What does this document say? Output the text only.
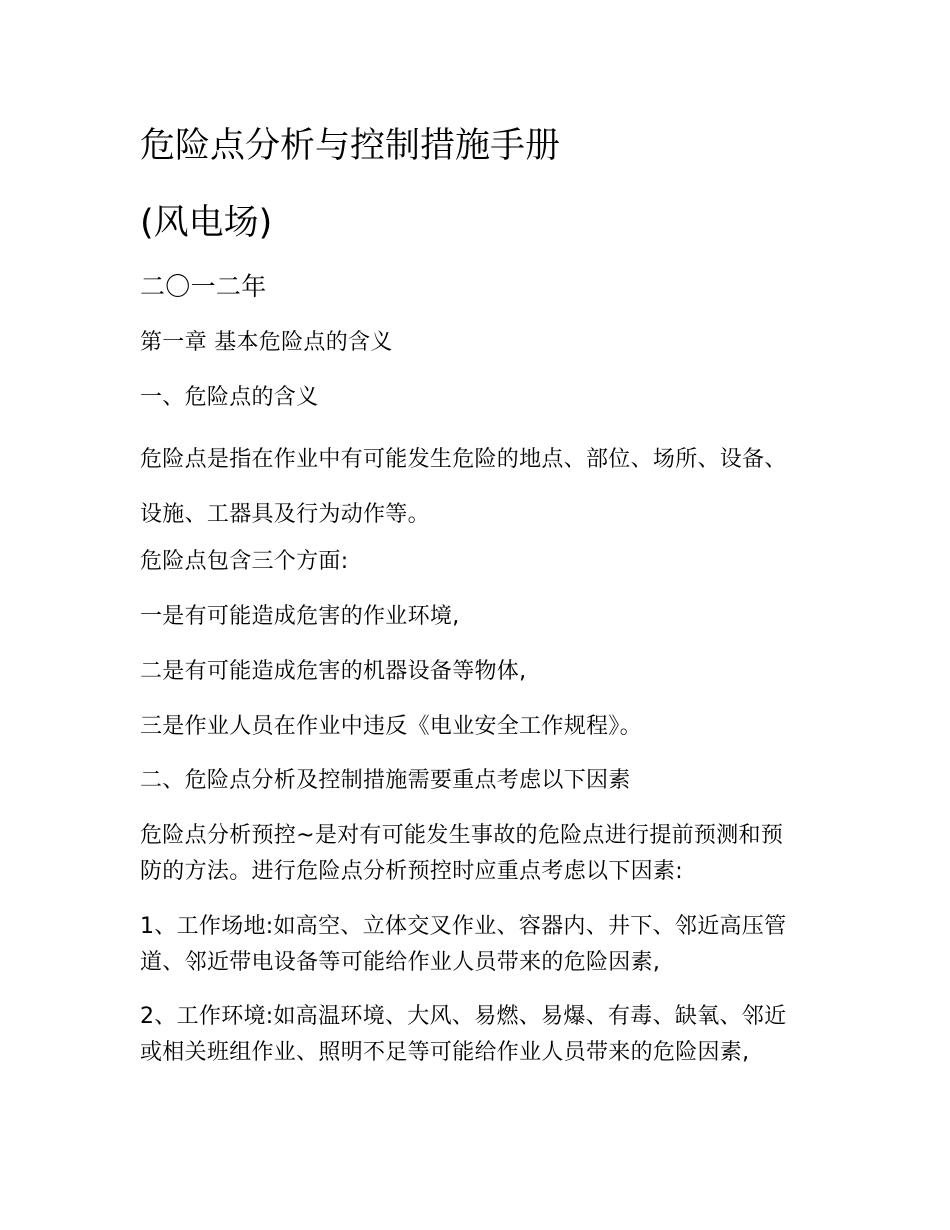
危险点分析与控制措施手册
(风电场)
二〇一二年
第一章 基本危险点的含义
一、危险点的含义
危险点是指在作业中有可能发生危险的地点、部位、场所、设备、设施、工器具及行为动作等。
危险点包含三个方面:
一是有可能造成危害的作业环境,
二是有可能造成危害的机器设备等物体,
三是作业人员在作业中违反《电业安全工作规程》。
二、危险点分析及控制措施需要重点考虑以下因素
危险点分析预控~是对有可能发生事故的危险点进行提前预测和预防的方法。进行危险点分析预控时应重点考虑以下因素:
1、工作场地:如高空、立体交叉作业、容器内、井下、邻近高压管道、邻近带电设备等可能给作业人员带来的危险因素,
2、工作环境:如高温环境、大风、易燃、易爆、有毒、缺氧、邻近或相关班组作业、照明不足等可能给作业人员带来的危险因素,
